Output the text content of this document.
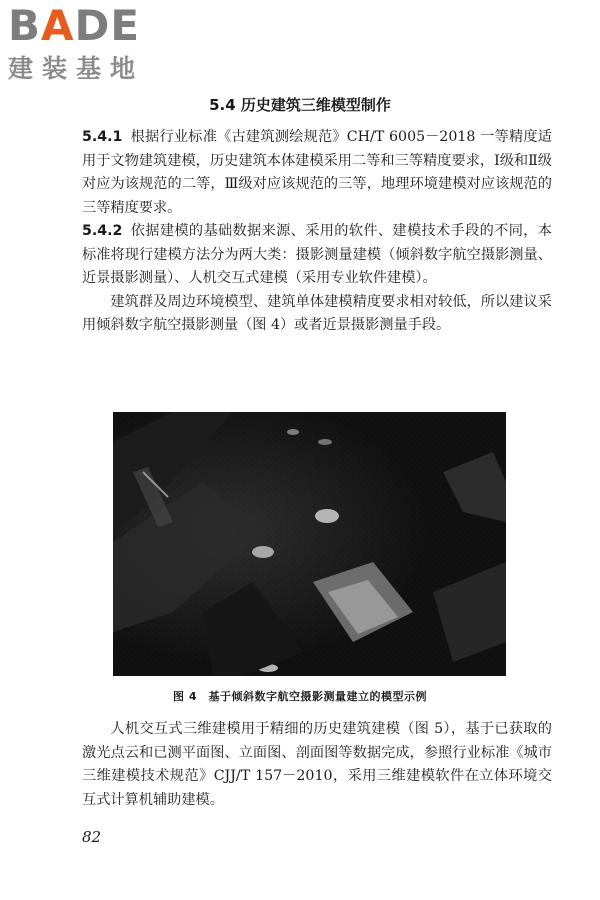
BADE
建装基地
5.4 历史建筑三维模型制作

5.4.1 根据行业标准《古建筑测绘规范》CH/T 6005－2018 一等精度适用于文物建筑建模，历史建筑本体建模采用二等和三等精度要求，Ⅰ级和Ⅱ级对应为该规范的二等，Ⅲ级对应该规范的三等，地理环境建模对应该规范的三等精度要求。

5.4.2 依据建模的基础数据来源、采用的软件、建模技术手段的不同，本标准将现行建模方法分为两大类：摄影测量建模（倾斜数字航空摄影测量、近景摄影测量）、人机交互式建模（采用专业软件建模）。

建筑群及周边环境模型、建筑单体建模精度要求相对较低，所以建议采用倾斜数字航空摄影测量（图 4）或者近景摄影测量手段。

图 4　基于倾斜数字航空摄影测量建立的模型示例

人机交互式三维建模用于精细的历史建筑建模（图 5），基于已获取的激光点云和已测平面图、立面图、剖面图等数据完成，参照行业标准《城市三维建模技术规范》CJJ/T 157－2010，采用三维建模软件在立体环境交互式计算机辅助建模。

82
